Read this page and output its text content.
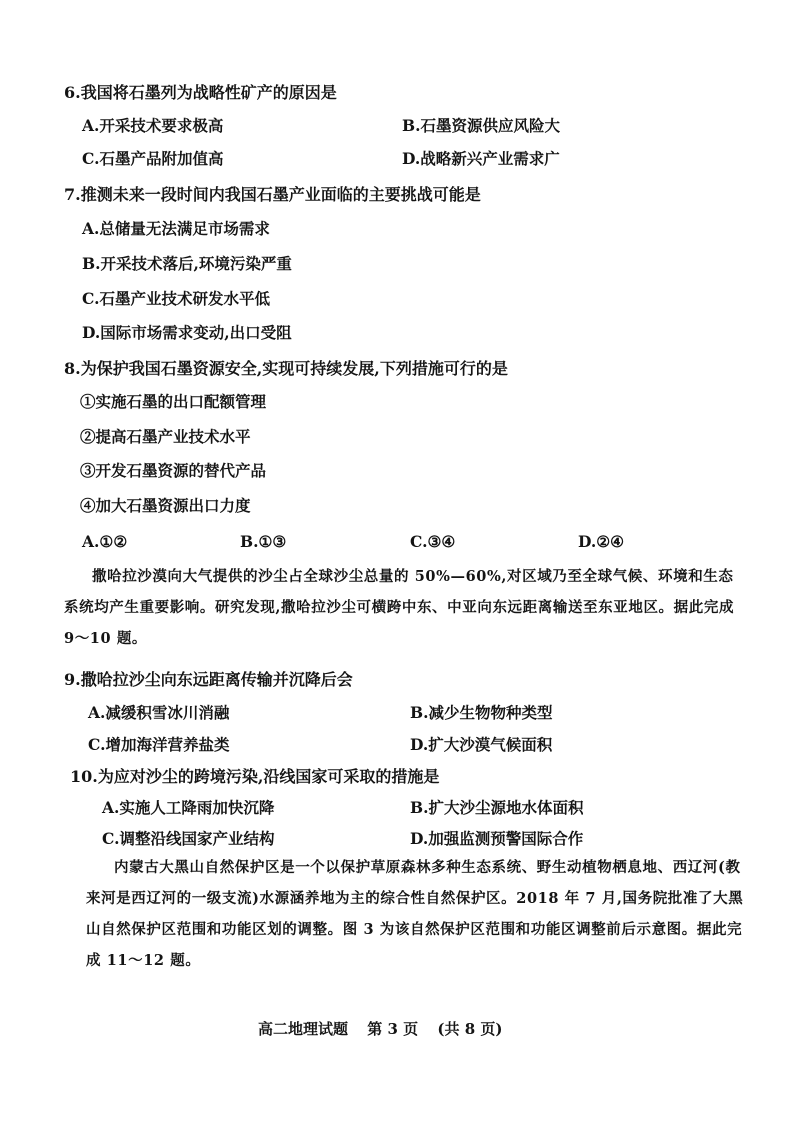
6.我国将石墨列为战略性矿产的原因是

A.开采技术要求极高	B.石墨资源供应风险大

C.石墨产品附加值高	D.战略新兴产业需求广

7.推测未来一段时间内我国石墨产业面临的主要挑战可能是

A.总储量无法满足市场需求

B.开采技术落后,环境污染严重

C.石墨产业技术研发水平低

D.国际市场需求变动,出口受阻

8.为保护我国石墨资源安全,实现可持续发展,下列措施可行的是

①实施石墨的出口配额管理

②提高石墨产业技术水平

③开发石墨资源的替代产品

④加大石墨资源出口力度

A.①②	B.①③	C.③④	D.②④

撒哈拉沙漠向大气提供的沙尘占全球沙尘总量的 50%—60%,对区域乃至全球气候、环境和生态系统均产生重要影响。研究发现,撒哈拉沙尘可横跨中东、中亚向东远距离输送至东亚地区。据此完成 9～10 题。

9.撒哈拉沙尘向东远距离传输并沉降后会

A.减缓积雪冰川消融	B.减少生物物种类型

C.增加海洋营养盐类	D.扩大沙漠气候面积

10.为应对沙尘的跨境污染,沿线国家可采取的措施是

A.实施人工降雨加快沉降	B.扩大沙尘源地水体面积

C.调整沿线国家产业结构	D.加强监测预警国际合作

内蒙古大黑山自然保护区是一个以保护草原森林多种生态系统、野生动植物栖息地、西辽河(教来河是西辽河的一级支流)水源涵养地为主的综合性自然保护区。2018 年 7 月,国务院批准了大黑山自然保护区范围和功能区划的调整。图 3 为该自然保护区范围和功能区调整前后示意图。据此完成 11～12 题。

高二地理试题 第 3 页 (共 8 页)
